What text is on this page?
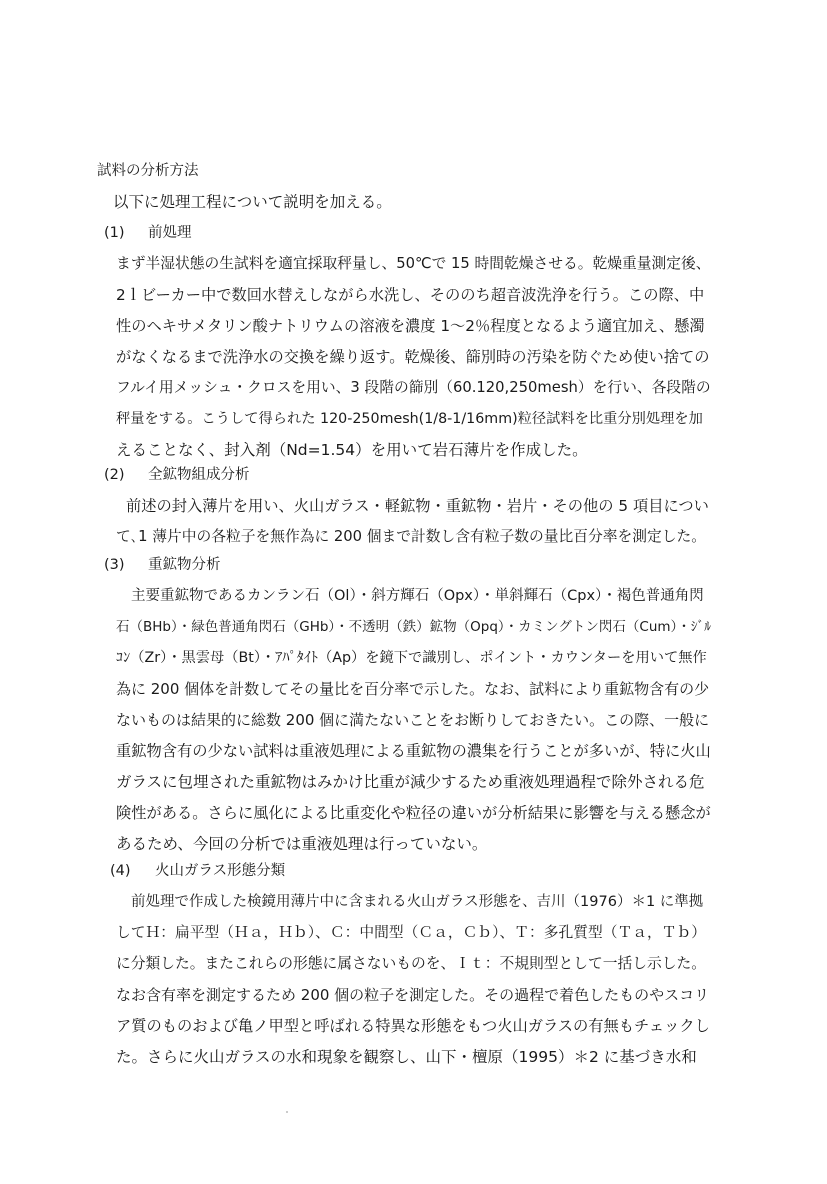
試料の分析方法
以下に処理工程について説明を加える。
(1) 前処理
まず半湿状態の生試料を適宜採取秤量し、50℃で 15 時間乾燥させる。乾燥重量測定後、
2ｌビーカー中で数回水替えしながら水洗し、そののち超音波洗浄を行う。この際、中
性のヘキサメタリン酸ナトリウムの溶液を濃度 1～2％程度となるよう適宜加え、懸濁
がなくなるまで洗浄水の交換を繰り返す。乾燥後、篩別時の汚染を防ぐため使い捨ての
フルイ用メッシュ・クロスを用い、3 段階の篩別（60.120,250mesh）を行い、各段階の
秤量をする。こうして得られた 120-250mesh(1/8-1/16mm)粒径試料を比重分別処理を加
えることなく、封入剤（Nd=1.54）を用いて岩石薄片を作成した。
(2) 全鉱物組成分析
前述の封入薄片を用い、火山ガラス・軽鉱物・重鉱物・岩片・その他の 5 項目につい
て､1 薄片中の各粒子を無作為に 200 個まで計数し含有粒子数の量比百分率を測定した。
(3) 重鉱物分析
主要重鉱物であるカンラン石（Ol）・斜方輝石（Opx）・単斜輝石（Cpx）・褐色普通角閃
石（BHb）・緑色普通角閃石（GHb）・不透明（鉄）鉱物（Opq）・カミングトン閃石（Cum）・ｼﾞﾙ
ｺﾝ（Zr）・黒雲母（Bt）・ｱﾊﾟﾀｲﾄ（Ap）を鏡下で識別し、ポイント・カウンターを用いて無作
為に 200 個体を計数してその量比を百分率で示した。なお、試料により重鉱物含有の少
ないものは結果的に総数 200 個に満たないことをお断りしておきたい。この際、一般に
重鉱物含有の少ない試料は重液処理による重鉱物の濃集を行うことが多いが、特に火山
ガラスに包埋された重鉱物はみかけ比重が減少するため重液処理過程で除外される危
険性がある。さらに風化による比重変化や粒径の違いが分析結果に影響を与える懸念が
あるため、今回の分析では重液処理は行っていない。
(4) 火山ガラス形態分類
前処理で作成した検鏡用薄片中に含まれる火山ガラス形態を、吉川（1976）＊1 に準拠
してＨ：扁平型（Ｈａ，Ｈｂ）、Ｃ：中間型（Ｃａ，Ｃｂ）、Ｔ：多孔質型（Ｔａ，Ｔｂ）
に分類した。またこれらの形態に属さないものを、Ｉｔ：不規則型として一括し示した。
なお含有率を測定するため 200 個の粒子を測定した。その過程で着色したものやスコリ
ア質のものおよび亀ノ甲型と呼ばれる特異な形態をもつ火山ガラスの有無もチェックし
た。さらに火山ガラスの水和現象を観察し、山下・檀原（1995）＊2 に基づき水和
